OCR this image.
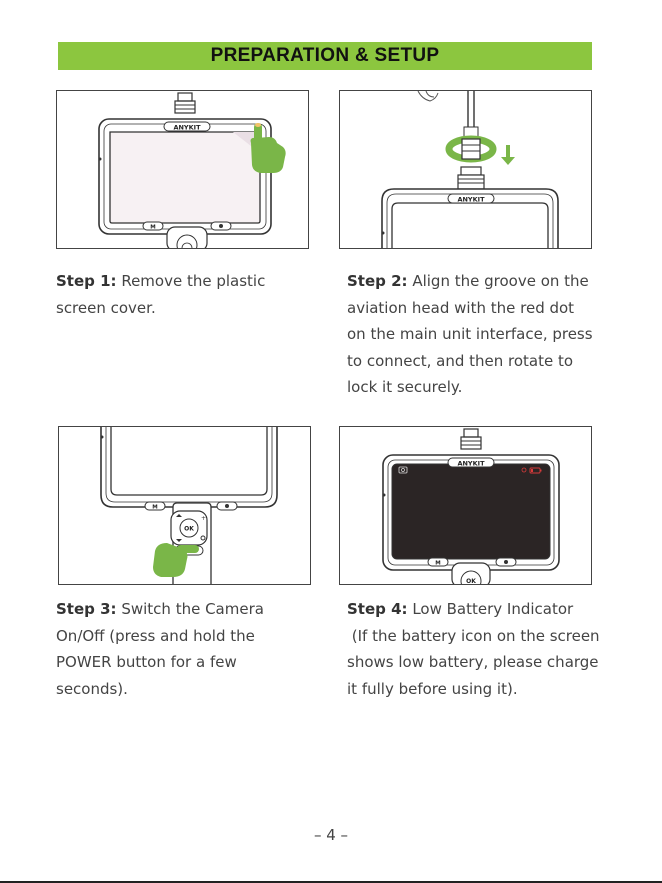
PREPARATION & SETUP
ANYKIT
M
ANYKIT
M
OK
+
ANYKIT
M
OK
Step 1: Remove the plastic
screen cover.
Step 2: Align the groove on the
aviation head with the red dot
on the main unit interface, press
to connect, and then rotate to
lock it securely.
Step 3: Switch the Camera
On/Off (press and hold the
POWER button for a few
seconds).
Step 4: Low Battery Indicator
(If the battery icon on the screen
shows low battery, please charge
it fully before using it).
– 4 –
